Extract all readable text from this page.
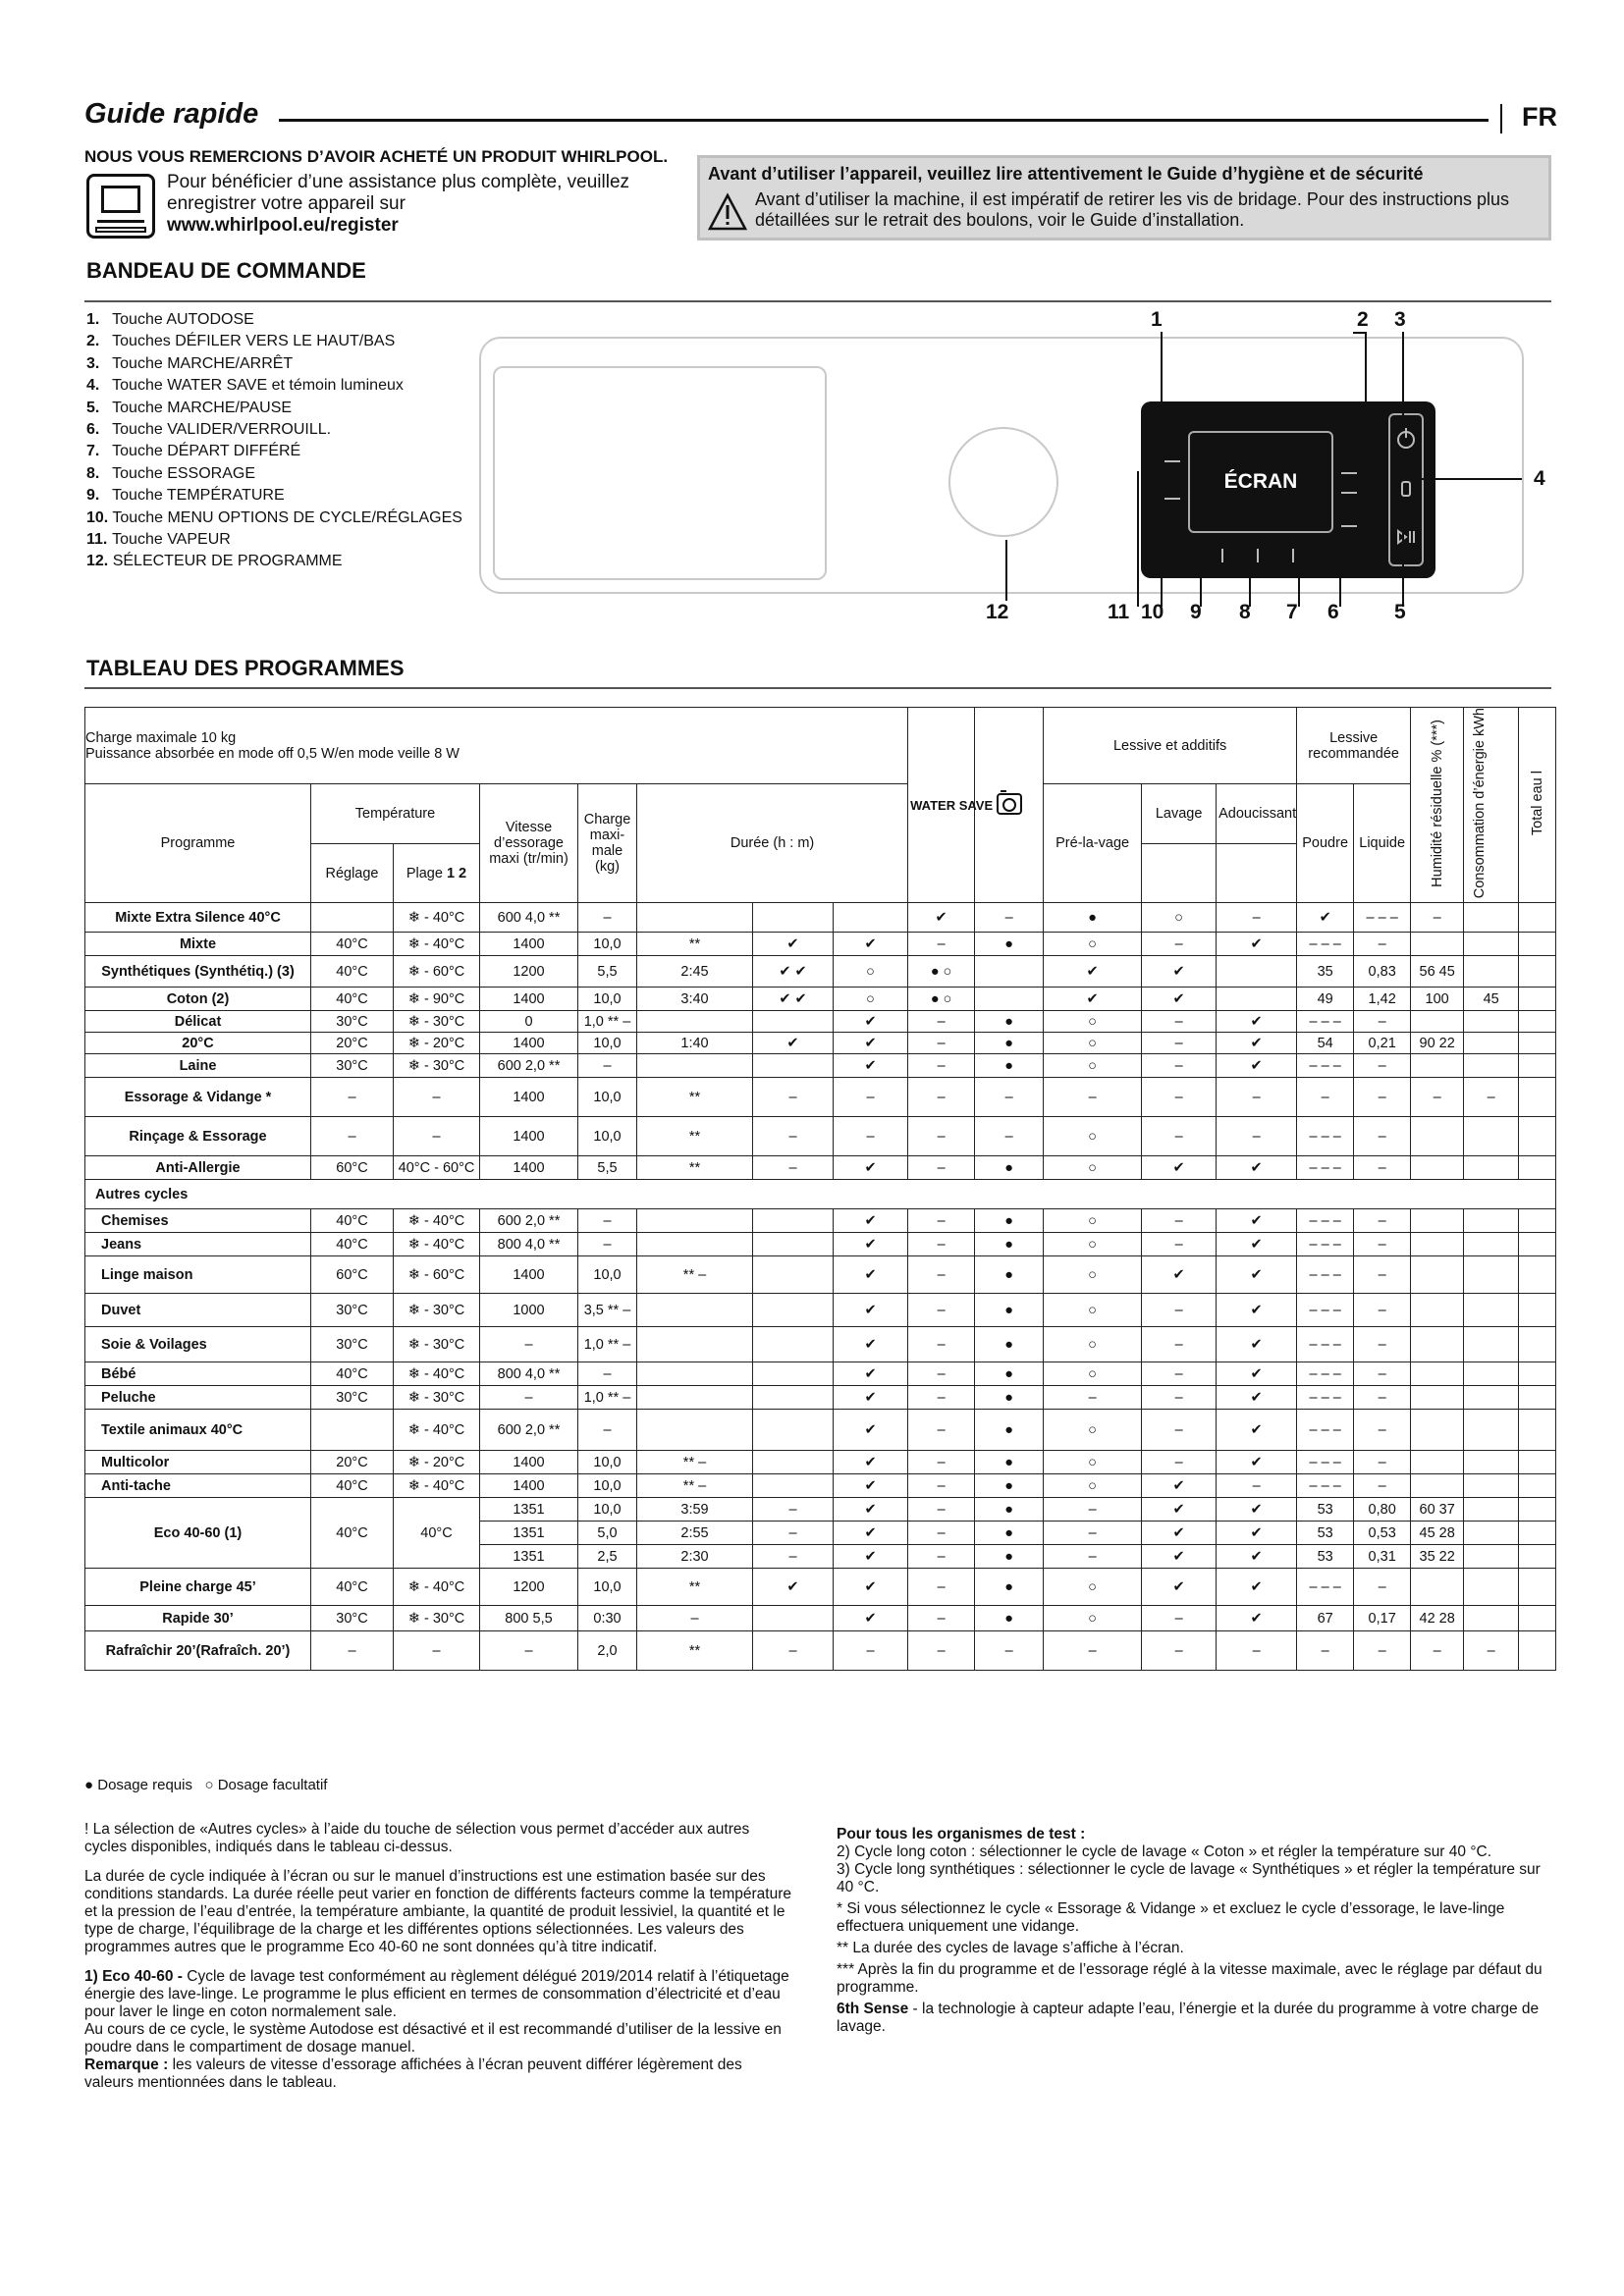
Guide rapide	FR
NOUS VOUS REMERCIONS D’AVOIR ACHETÉ UN PRODUIT WHIRLPOOL.
Pour bénéficier d’une assistance plus complète, veuillez
enregistrer votre appareil sur
www.whirlpool.eu/register
Avant d’utiliser l’appareil, veuillez lire attentivement le Guide d’hygiène et de sécurité
Avant d’utiliser la machine, il est impératif de retirer les vis de bridage. Pour des instructions plus détaillées sur le retrait des boulons, voir le Guide d’installation.
BANDEAU DE COMMANDE
1. Touche AUTODOSE
2. Touches DÉFILER VERS LE HAUT/BAS
3. Touche MARCHE/ARRÊT
4. Touche WATER SAVE et témoin lumineux
5. Touche MARCHE/PAUSE
6. Touche VALIDER/VERROUILL.
7. Touche DÉPART DIFFÉRÉ
8. Touche ESSORAGE
9. Touche TEMPÉRATURE
10. Touche MENU OPTIONS DE CYCLE/RÉGLAGES
11. Touche VAPEUR
12. SÉLECTEUR DE PROGRAMME
ÉCRAN
1	2 3
4
5
6
7
8
9
10
11
12
TABLEAU DES PROGRAMMES
Charge maximale 10 kg
Puissance absorbée en mode off 0,5 W/en mode veille 8 W								WATER SAVE		Lessive et additifs			Lessive recommandée		Humidité résiduelle % (***)	Consommation d’énergie kWh	Total eau l	
Programme	Température		Vitesse d’essorage maxi (tr/min)	Charge maxi-male (kg)	Durée (h : m)					Pré-la-vage	Lavage	Adoucissant	Poudre	Liquide				
	Réglage	Plage 1 2																
Mixte Extra Silence 40°C		❄ - 40°C	600 4,0 **	–				✔	–	●	○	–	✔	– – –	–			
Mixte	40°C	❄ - 40°C	1400	10,0	**	✔	✔	–	●	○	–	✔	– – –	–				
Synthétiques (Synthétiq.) (3)	40°C	❄ - 60°C	1200	5,5	2:45	✔ ✔	○	● ○		✔	✔		35	0,83	56 45			
Coton (2)	40°C	❄ - 90°C	1400	10,0	3:40	✔ ✔	○	● ○		✔	✔		49	1,42	100	45		
Délicat	30°C	❄ - 30°C	0	1,0 ** –			✔	–	●	○	–	✔	– – –	–				
20°C	20°C	❄ - 20°C	1400	10,0	1:40	✔	✔	–	●	○	–	✔	54	0,21	90 22			
Laine	30°C	❄ - 30°C	600 2,0 **	–			✔	–	●	○	–	✔	– – –	–				
Essorage & Vidange *	–	–	1400	10,0	**	–	–	–	–	–	–	–	–	–	–	–		
Rinçage & Essorage	–	–	1400	10,0	**	–	–	–	–	○	–	–	– – –	–				
Anti-Allergie	60°C	40°C - 60°C	1400	5,5	**	–	✔	–	●	○	✔	✔	– – –	–				
Autres cycles																		
Chemises	40°C	❄ - 40°C	600 2,0 **	–			✔	–	●	○	–	✔	– – –	–				
Jeans	40°C	❄ - 40°C	800 4,0 **	–			✔	–	●	○	–	✔	– – –	–				
Linge maison	60°C	❄ - 60°C	1400	10,0	** –		✔	–	●	○	✔	✔	– – –	–				
Duvet	30°C	❄ - 30°C	1000	3,5 ** –			✔	–	●	○	–	✔	– – –	–				
Soie & Voilages	30°C	❄ - 30°C	–	1,0 ** –			✔	–	●	○	–	✔	– – –	–				
Bébé	40°C	❄ - 40°C	800 4,0 **	–			✔	–	●	○	–	✔	– – –	–				
Peluche	30°C	❄ - 30°C	–	1,0 ** –			✔	–	●	–	–	✔	– – –	–				
Textile animaux 40°C		❄ - 40°C	600 2,0 **	–			✔	–	●	○	–	✔	– – –	–				
Multicolor	20°C	❄ - 20°C	1400	10,0	** –		✔	–	●	○	–	✔	– – –	–				
Anti-tache	40°C	❄ - 40°C	1400	10,0	** –		✔	–	●	○	✔	–	– – –	–				
Eco 40-60 (1)	40°C	40°C	1351	10,0	3:59	–	✔	–	●	–	✔	✔	53	0,80	60 37			
			1351	5,0	2:55	–	✔	–	●	–	✔	✔	53	0,53	45 28			
			1351	2,5	2:30	–	✔	–	●	–	✔	✔	53	0,31	35 22			
Pleine charge 45’	40°C	❄ - 40°C	1200	10,0	**	✔	✔	–	●	○	✔	✔	– – –	–				
Rapide 30’	30°C	❄ - 30°C	800 5,5	0:30	–		✔	–	●	○	–	✔	67	0,17	42 28			
Rafraîchir 20’(Rafraîch. 20’)	–	–	–	2,0	**	–	–	–	–	–	–	–	–	–	–	–		
● Dosage requis ○ Dosage facultatif

! La sélection de «Autres cycles» à l’aide du touche de sélection vous permet d’accéder aux autres cycles disponibles, indiqués dans le tableau ci-dessus.

La durée de cycle indiquée à l’écran ou sur le manuel d’instructions est une estimation basée sur des conditions standards. La durée réelle peut varier en fonction de différents facteurs comme la température et la pression de l’eau d’entrée, la température ambiante, la quantité de produit lessiviel, la quantité et le type de charge, l’équilibrage de la charge et les différentes options sélectionnées. Les valeurs des programmes autres que le programme Eco 40-60 ne sont données qu’à titre indicatif.

1) Eco 40-60 - Cycle de lavage test conformément au règlement délégué 2019/2014 relatif à l’étiquetage énergie des lave-linge. Le programme le plus efficient en termes de consommation d’électricité et d’eau pour laver le linge en coton normalement sale.

Au cours de ce cycle, le système Autodose est désactivé et il est recommandé d’utiliser de la lessive en poudre dans le compartiment de dosage manuel.

Remarque : les valeurs de vitesse d’essorage affichées à l’écran peuvent différer légèrement des valeurs mentionnées dans le tableau.

Pour tous les organismes de test :

2) Cycle long coton : sélectionner le cycle de lavage « Coton » et régler la température sur 40 °C.

3) Cycle long synthétiques : sélectionner le cycle de lavage « Synthétiques » et régler la température sur 40 °C.

* Si vous sélectionnez le cycle « Essorage & Vidange » et excluez le cycle d’essorage, le lave-linge effectuera uniquement une vidange.

** La durée des cycles de lavage s’affiche à l’écran.

*** Après la fin du programme et de l’essorage réglé à la vitesse maximale, avec le réglage par défaut du programme.

6th Sense - la technologie à capteur adapte l’eau, l’énergie et la durée du programme à votre charge de lavage.
